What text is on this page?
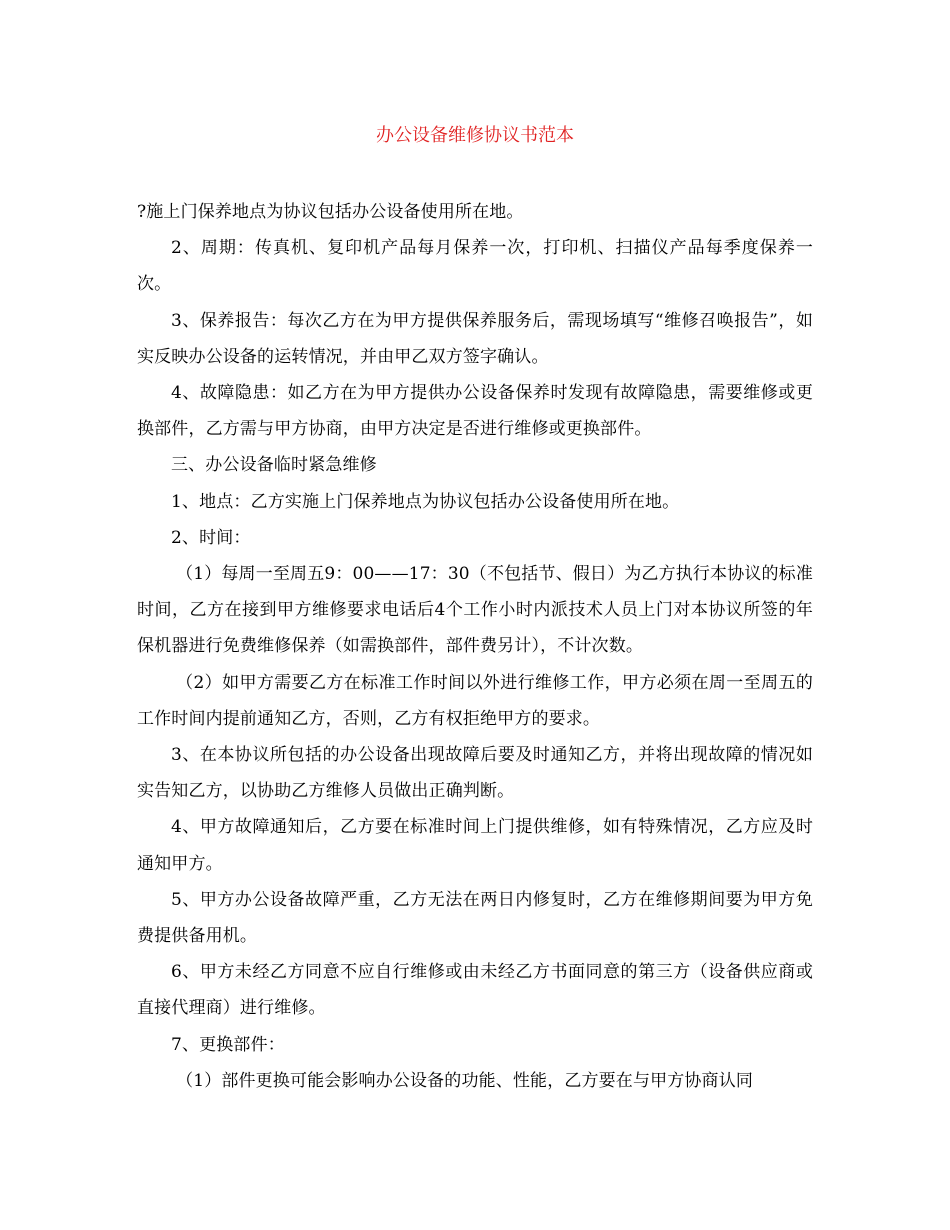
办公设备维修协议书范本

?施上门保养地点为协议包括办公设备使用所在地。

2、周期：传真机、复印机产品每月保养一次，打印机、扫描仪产品每季度保养一次。

3、保养报告：每次乙方在为甲方提供保养服务后，需现场填写“维修召唤报告”，如实反映办公设备的运转情况，并由甲乙双方签字确认。

4、故障隐患：如乙方在为甲方提供办公设备保养时发现有故障隐患，需要维修或更换部件，乙方需与甲方协商，由甲方决定是否进行维修或更换部件。

三、办公设备临时紧急维修

1、地点：乙方实施上门保养地点为协议包括办公设备使用所在地。

2、时间：

（1）每周一至周五9：00——17：30（不包括节、假日）为乙方执行本协议的标准时间，乙方在接到甲方维修要求电话后4个工作小时内派技术人员上门对本协议所签的年保机器进行免费维修保养（如需换部件，部件费另计），不计次数。

（2）如甲方需要乙方在标准工作时间以外进行维修工作，甲方必须在周一至周五的工作时间内提前通知乙方，否则，乙方有权拒绝甲方的要求。

3、在本协议所包括的办公设备出现故障后要及时通知乙方，并将出现故障的情况如实告知乙方，以协助乙方维修人员做出正确判断。

4、甲方故障通知后，乙方要在标准时间上门提供维修，如有特殊情况，乙方应及时通知甲方。

5、甲方办公设备故障严重，乙方无法在两日内修复时，乙方在维修期间要为甲方免费提供备用机。

6、甲方未经乙方同意不应自行维修或由未经乙方书面同意的第三方（设备供应商或直接代理商）进行维修。

7、更换部件：

（1）部件更换可能会影响办公设备的功能、性能，乙方要在与甲方协商认同
